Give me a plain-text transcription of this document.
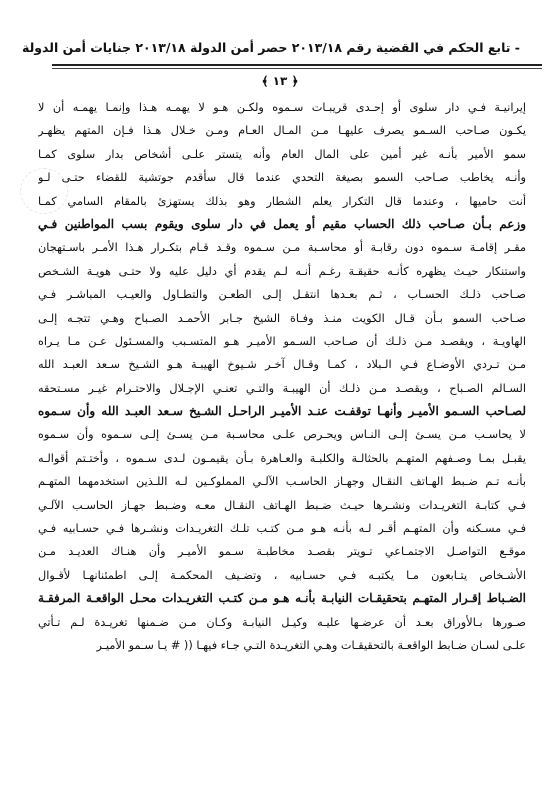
- تابع الحكم في القضية رقم ٢٠١٣/١٨ حصر أمن الدولة ٢٠١٣/١٨ جنايات أمن الدولة
﴿ ١٣ ﴾
إيرانيـة فـي دار سلوى أو إحـدى قريبـات سـموه ولكـن هـو لا يهمـه هـذا وإنمـا يهمـه أن لا
يكـون صـاحب السـمو يصرف عليهـا مـن المـال العـام ومـن خـلال هـذا فـإن المتهم يظهـر
سمو الأمير بأنـه غير أمين على المال العام وأنه يتستر علـى أشخاص بدار سلوى كمـا
وأنـه يخاطب صـاحب السمو بصيغة التحدي عندما قال سأقدم جوتشية للقضاء حتـى لـو
أنت حاميها ، وعندما قال التكرار يعلم الشطار وهو بذلك يستهزئ بالمقام السامي كمـا
وزعم بـأن صـاحب ذلك الحساب مقيم أو يعمل في دار سلوى ويقوم بسب المواطنين فـي
مقـر إقامـة سـموه دون رقابـة أو محاسـبة مـن سـموه وقـد قـام بتكـرار هـذا الأمـر باسـتهجان
واستنكار حيـث يظهره كأنـه حقيقـة رغـم أنـه لـم يقدم أي دليل عليه ولا حتـى هويـة الشـخص
صـاحب ذلـك الحسـاب ، ثـم بعـدها انتقـل إلـى الطعـن والتطـاول والعيـب المباشـر فـي
صـاحب السمو بـأن قـال الكويت منـذ وفـاة الشيخ جـابر الأحمـد الصـباح وهـي تتجـه إلـى
الهاويـة ، ويقصـد مـن ذلـك أن صـاحب السـمو الأميـر هـو المتسـبب والمسـئول عـن مـا يـراه
مـن تـردي الأوضـاع فـي الـبلاد ، كمـا وقـال آخـر شـيوخ الهيبـة هـو الشـيخ سـعد العبـد الله
السـالم الصـباح ، ويقصـد مـن ذلـك أن الهيبـة والتـي تعنـي الإجـلال والاحتـرام غيـر مسـتحقه
لصـاحب السـمو الأميـر وأنهـا توقفـت عنـد الأميـر الراحـل الشـيخ سـعد العبـد الله وأن سـموه
لا يحاسـب مـن يسـئ إلـى النـاس ويحـرص علـى محاسـبة مـن يسـئ إلـى سـموه وأن سـموه
يقبـل بمـا وصـفهم المتهـم بالحثالـة والكلبـة والعـاهرة بـأن يقيمـون لـدى سـموه ، وأختـتم أقوالـه
بأنـه تـم ضـبط الهـاتف النقـال وجهـاز الحاسـب الآلـي المملوكـين لـه اللـذين استخدمهما المتهـم
فـي كتابـة التغريـدات ونشـرها حيـث ضـبط الهـاتف النقـال معـه وضـبط جهـاز الحاسـب الآلـي
فـي مسـكنه وأن المتهـم أقـر لـه بأنـه هـو مـن كتـب تلـك التغريـدات ونشـرها فـي حسـابيه فـي
موقـع التواصـل الاجتمـاعي تـويتر بقصـد مخاطبـة سـمو الأميـر وأن هنـاك العديـد مـن
الأشـخاص يتـابعون مـا يكتبـه فـي حسـابيه ، وتضـيف المحكمـة إلـى اطمئنانهـا لأقـوال
الضـباط إقـرار المتهـم بتحقيقـات النيابـة بأنـه هـو مـن كتـب التغريـدات محـل الواقعـة المرفقـة
صـورها بـالأوراق بعـد أن عرضـها عليـه وكيـل النيابـة وكـان مـن ضـمنها تغريـدة لـم تـأتي
علـى لسـان ضـابط الواقعـة بالتحقيقـات وهـي التغريـدة التـي جـاء فيهـا (( # يـا سـمو الأميـر
